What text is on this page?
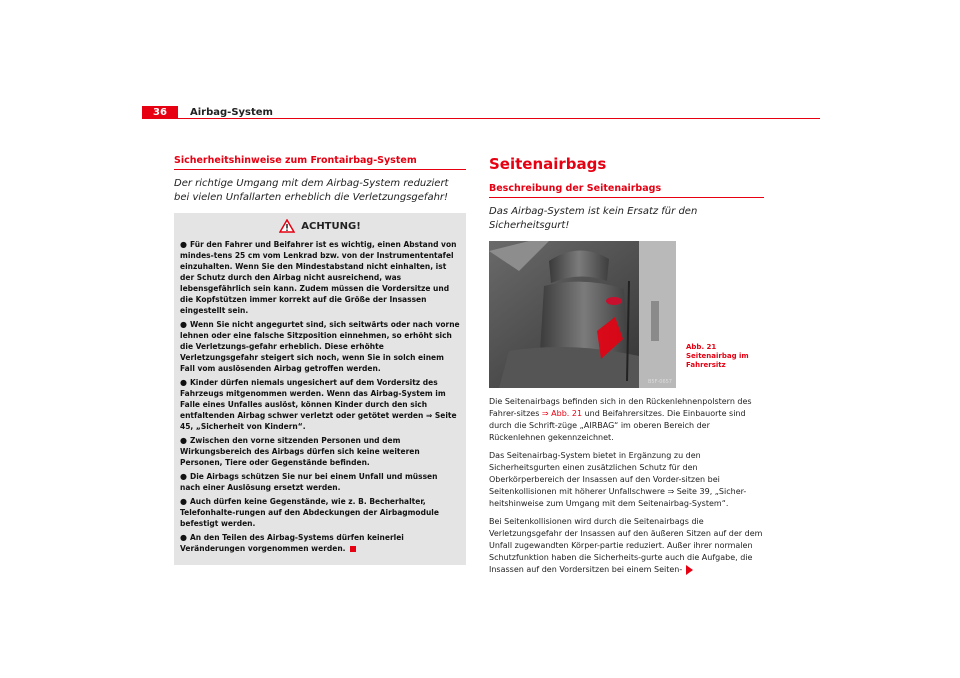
36	Airbag-System
Sicherheitshinweise zum Frontairbag-System
Der richtige Umgang mit dem Airbag-System reduziert bei vielen Unfallarten erheblich die Verletzungsgefahr!
ACHTUNG!

● Für den Fahrer und Beifahrer ist es wichtig, einen Abstand von mindes-tens 25 cm vom Lenkrad bzw. von der Instrumententafel einzuhalten. Wenn Sie den Mindestabstand nicht einhalten, ist der Schutz durch den Airbag nicht ausreichend, was lebensgefährlich sein kann. Zudem müssen die Vordersitze und die Kopfstützen immer korrekt auf die Größe der Insassen eingestellt sein.

● Wenn Sie nicht angegurtet sind, sich seitwärts oder nach vorne lehnen oder eine falsche Sitzposition einnehmen, so erhöht sich die Verletzungs-gefahr erheblich. Diese erhöhte Verletzungsgefahr steigert sich noch, wenn Sie in solch einem Fall vom auslösenden Airbag getroffen werden.

● Kinder dürfen niemals ungesichert auf dem Vordersitz des Fahrzeugs mitgenommen werden. Wenn das Airbag-System im Falle eines Unfalles auslöst, können Kinder durch den sich entfaltenden Airbag schwer verletzt oder getötet werden ⇒ Seite 45, „Sicherheit von Kindern“.

● Zwischen den vorne sitzenden Personen und dem Wirkungsbereich des Airbags dürfen sich keine weiteren Personen, Tiere oder Gegenstände befinden.

● Die Airbags schützen Sie nur bei einem Unfall und müssen nach einer Auslösung ersetzt werden.

● Auch dürfen keine Gegenstände, wie z. B. Becherhalter, Telefonhalte-rungen auf den Abdeckungen der Airbagmodule befestigt werden.

● An den Teilen des Airbag-Systems dürfen keinerlei Veränderungen vorgenommen werden.

Seitenairbags
Beschreibung der Seitenairbags
Das Airbag-System ist kein Ersatz für den Sicherheitsgurt!
B5F-0657
Abb. 21 Seitenairbag im Fahrersitz

Die Seitenairbags befinden sich in den Rückenlehnenpolstern des Fahrer-sitzes ⇒ Abb. 21 und Beifahrersitzes. Die Einbauorte sind durch die Schrift-züge „AIRBAG“ im oberen Bereich der Rückenlehnen gekennzeichnet.

Das Seitenairbag-System bietet in Ergänzung zu den Sicherheitsgurten einen zusätzlichen Schutz für den Oberkörperbereich der Insassen auf den Vorder-sitzen bei Seitenkollisionen mit höherer Unfallschwere ⇒ Seite 39, „Sicher-heitshinweise zum Umgang mit dem Seitenairbag-System“.

Bei Seitenkollisionen wird durch die Seitenairbags die Verletzungsgefahr der Insassen auf den äußeren Sitzen auf der dem Unfall zugewandten Körper-partie reduziert. Außer ihrer normalen Schutzfunktion haben die Sicherheits-gurte auch die Aufgabe, die Insassen auf den Vordersitzen bei einem Seiten-
